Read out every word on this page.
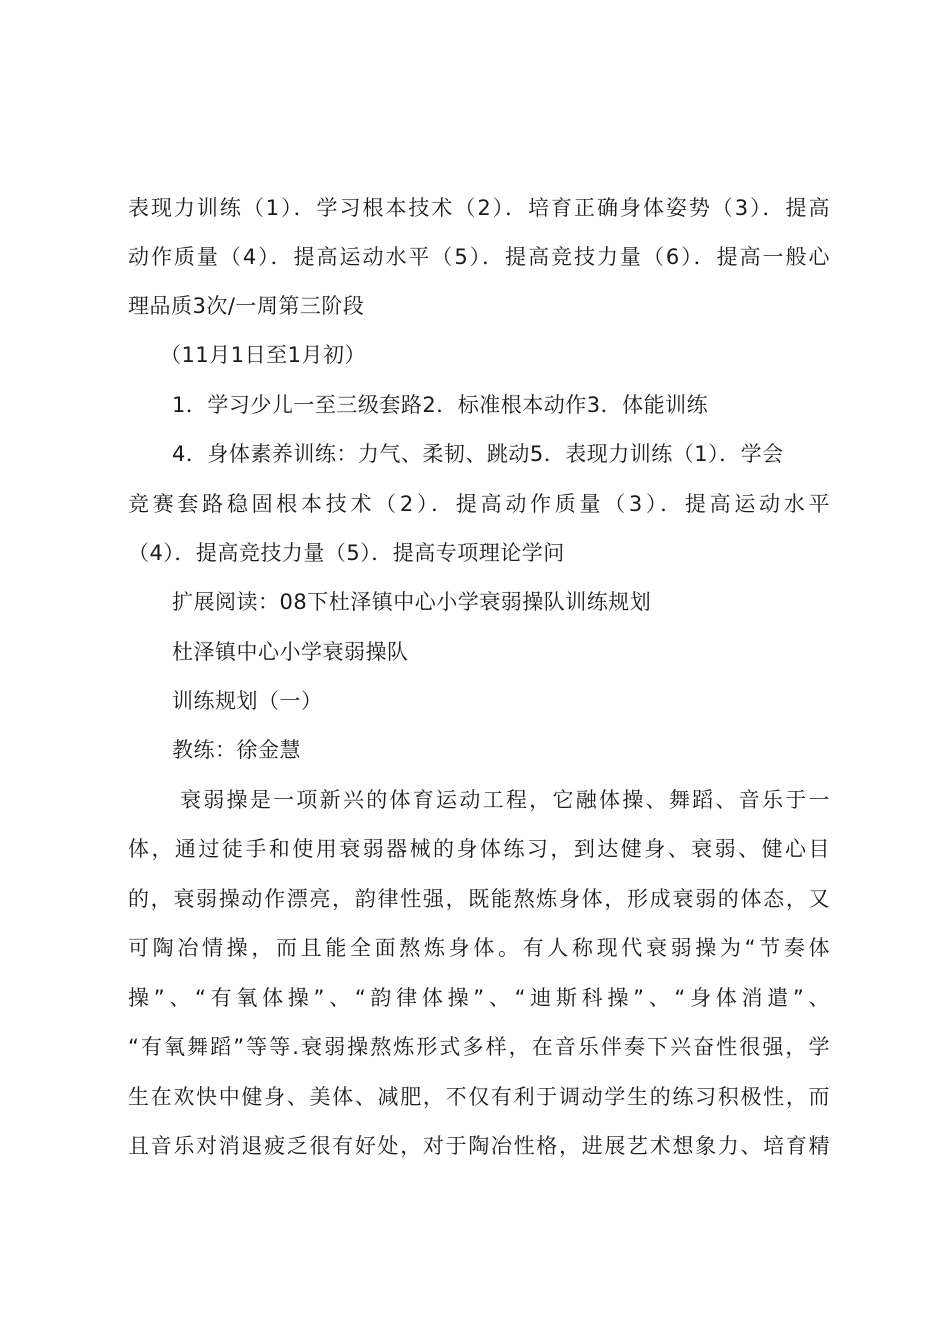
表现力训练（1）．学习根本技术（2）．培育正确身体姿势（3）．提高
动作质量（4）．提高运动水平（5）．提高竞技力量（6）．提高一般心
理品质3次/一周第三阶段
（11月1日至1月初）
1．学习少儿一至三级套路2．标准根本动作3．体能训练
4．身体素养训练：力气、柔韧、跳动5．表现力训练（1）．学会
竞赛套路稳固根本技术（2）．提高动作质量（3）．提高运动水平
（4）．提高竞技力量（5）．提高专项理论学问
扩展阅读：08下杜泽镇中心小学衰弱操队训练规划
杜泽镇中心小学衰弱操队
训练规划（一）
教练：徐金慧
衰弱操是一项新兴的体育运动工程，它融体操、舞蹈、音乐于一
体，通过徒手和使用衰弱器械的身体练习，到达健身、衰弱、健心目
的，衰弱操动作漂亮，韵律性强，既能熬炼身体，形成衰弱的体态，又
可陶冶情操，而且能全面熬炼身体。有人称现代衰弱操为“节奏体
操”、“有氧体操”、“韵律体操”、“迪斯科操”、“身体消遣”、
“有氧舞蹈”等等.衰弱操熬炼形式多样，在音乐伴奏下兴奋性很强，学
生在欢快中健身、美体、减肥，不仅有利于调动学生的练习积极性，而
且音乐对消退疲乏很有好处，对于陶冶性格，进展艺术想象力、培育精
